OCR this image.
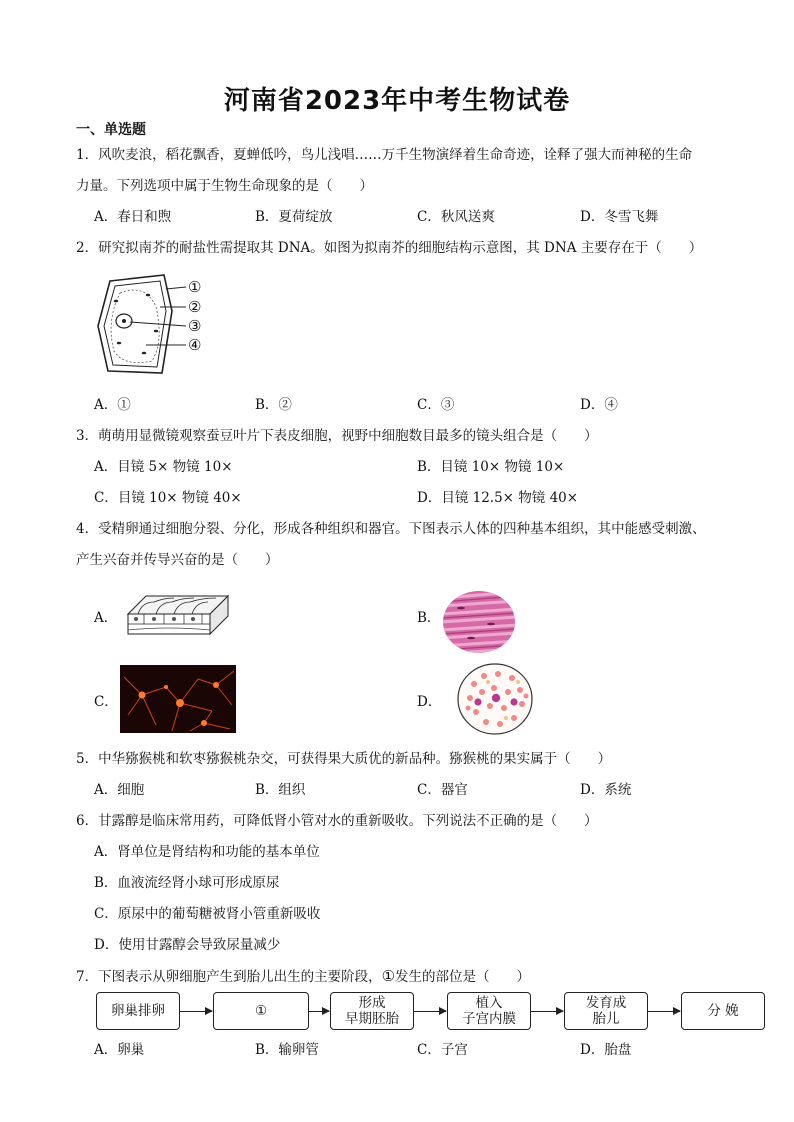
河南省2023年中考生物试卷
一、单选题
1．风吹麦浪，稻花飘香，夏蝉低吟，鸟儿浅唱……万千生物演绎着生命奇迹，诠释了强大而神秘的生命
力量。下列选项中属于生物生命现象的是（　　）
A．春日和煦	B．夏荷绽放	C．秋风送爽	D．冬雪飞舞
2．研究拟南芥的耐盐性需提取其 DNA。如图为拟南芥的细胞结构示意图，其 DNA 主要存在于（　　）
①
②
③
④
A．①	B．②	C．③	D．④
3．萌萌用显微镜观察蚕豆叶片下表皮细胞，视野中细胞数目最多的镜头组合是（　　）
A．目镜 5× 物镜 10×	B．目镜 10× 物镜 10×
C．目镜 10× 物镜 40×	D．目镜 12.5× 物镜 40×
4．受精卵通过细胞分裂、分化，形成各种组织和器官。下图表示人体的四种基本组织，其中能感受刺激、
产生兴奋并传导兴奋的是（　　）
A．	B．
C．	D．
5．中华猕猴桃和软枣猕猴桃杂交，可获得果大质优的新品种。猕猴桃的果实属于（　　）
A．细胞	B．组织	C．器官	D．系统
6．甘露醇是临床常用药，可降低肾小管对水的重新吸收。下列说法不正确的是（　　）
A．肾单位是肾结构和功能的基本单位
B．血液流经肾小球可形成原尿
C．原尿中的葡萄糖被肾小管重新吸收
D．使用甘露醇会导致尿量减少
7．下图表示从卵细胞产生到胎儿出生的主要阶段，①发生的部位是（　　）
卵巢排卵	①	形成
早期胚胎
植入
子宫内膜
发育成
胎儿	分 娩
A．卵巢	B．输卵管	C．子宫	D．胎盘
